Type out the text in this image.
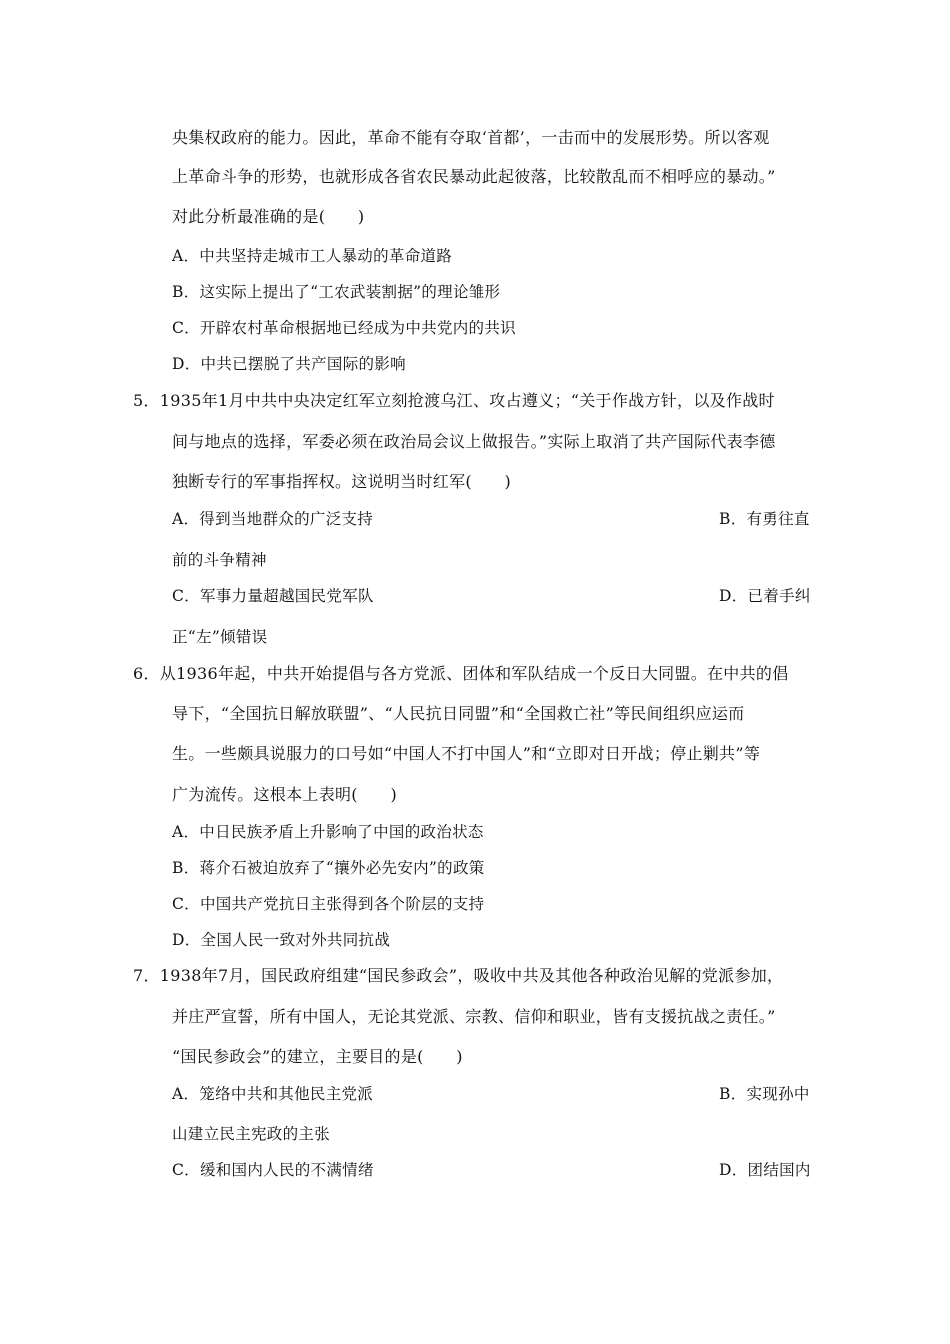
央集权政府的能力。因此，革命不能有夺取‘首都’，一击而中的发展形势。所以客观
上革命斗争的形势，也就形成各省农民暴动此起彼落，比较散乱而不相呼应的暴动。”
对此分析最准确的是(　　)
A．中共坚持走城市工人暴动的革命道路
B．这实际上提出了“工农武装割据”的理论雏形
C．开辟农村革命根据地已经成为中共党内的共识
D．中共已摆脱了共产国际的影响
5．1935年1月中共中央决定红军立刻抢渡乌江、攻占遵义；“关于作战方针，以及作战时
间与地点的选择，军委必须在政治局会议上做报告。”实际上取消了共产国际代表李德
独断专行的军事指挥权。这说明当时红军(　　)
A．得到当地群众的广泛支持	B．有勇往直
前的斗争精神
C．军事力量超越国民党军队	D．已着手纠
正“左”倾错误
6．从1936年起，中共开始提倡与各方党派、团体和军队结成一个反日大同盟。在中共的倡
导下，“全国抗日解放联盟”、“人民抗日同盟”和“全国救亡社”等民间组织应运而
生。一些颇具说服力的口号如“中国人不打中国人”和“立即对日开战；停止剿共”等
广为流传。这根本上表明(　　)
A．中日民族矛盾上升影响了中国的政治状态
B．蒋介石被迫放弃了“攘外必先安内”的政策
C．中国共产党抗日主张得到各个阶层的支持
D．全国人民一致对外共同抗战
7．1938年7月，国民政府组建“国民参政会”，吸收中共及其他各种政治见解的党派参加，
并庄严宣誓，所有中国人，无论其党派、宗教、信仰和职业，皆有支援抗战之责任。”
“国民参政会”的建立，主要目的是(　　)
A．笼络中共和其他民主党派	B．实现孙中
山建立民主宪政的主张
C．缓和国内人民的不满情绪	D．团结国内
